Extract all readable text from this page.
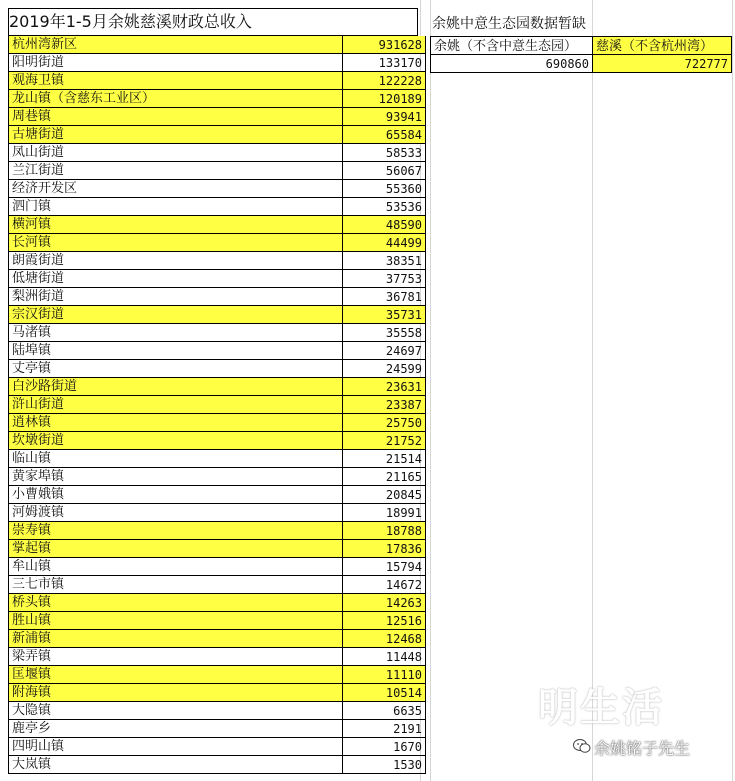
2019年1-5月余姚慈溪财政总收入
杭州湾新区	931628
阳明街道	133170
观海卫镇	122228
龙山镇（含慈东工业区）	120189
周巷镇	93941
古塘街道	65584
凤山街道	58533
兰江街道	56067
经济开发区	55360
泗门镇	53536
横河镇	48590
长河镇	44499
朗霞街道	38351
低塘街道	37753
梨洲街道	36781
宗汉街道	35731
马渚镇	35558
陆埠镇	24697
丈亭镇	24599
白沙路街道	23631
浒山街道	23387
逍林镇	25750
坎墩街道	21752
临山镇	21514
黄家埠镇	21165
小曹娥镇	20845
河姆渡镇	18991
崇寿镇	18788
掌起镇	17836
牟山镇	15794
三七市镇	14672
桥头镇	14263
胜山镇	12516
新浦镇	12468
梁弄镇	11448
匡堰镇	11110
附海镇	10514
大隐镇	6635
鹿亭乡	2191
四明山镇	1670
大岚镇	1530
余姚中意生态园数据暂缺
余姚（不含中意生态园）	慈溪（不含杭州湾）
690860	722777
明生活
余姚铭子先生
